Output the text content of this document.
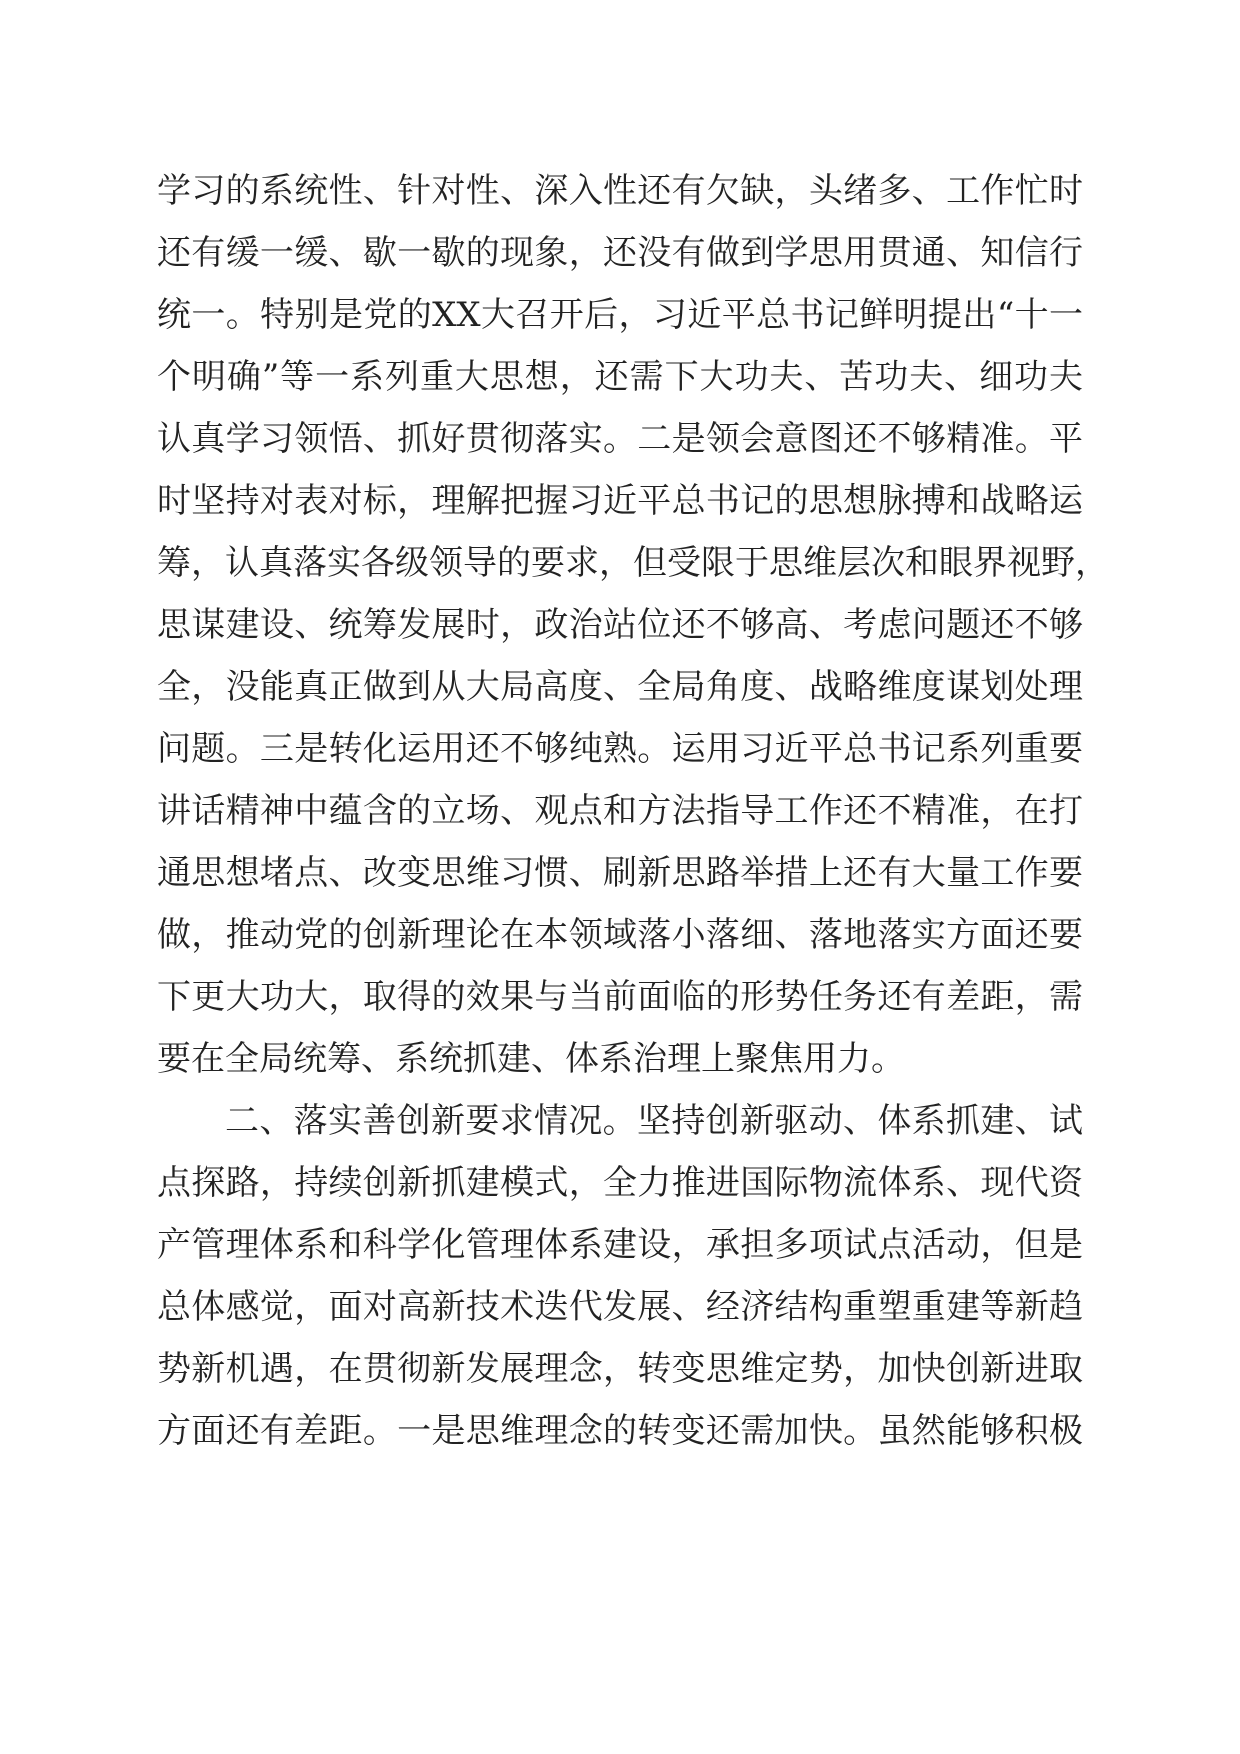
学习的系统性、针对性、深入性还有欠缺，头绪多、工作忙时
还有缓一缓、歇一歇的现象，还没有做到学思用贯通、知信行
统一。特别是党的XX大召开后，习近平总书记鲜明提出“十一
个明确”等一系列重大思想，还需下大功夫、苦功夫、细功夫
认真学习领悟、抓好贯彻落实。二是领会意图还不够精准。平
时坚持对表对标，理解把握习近平总书记的思想脉搏和战略运
筹，认真落实各级领导的要求，但受限于思维层次和眼界视野，
思谋建设、统筹发展时，政治站位还不够高、考虑问题还不够
全，没能真正做到从大局高度、全局角度、战略维度谋划处理
问题。三是转化运用还不够纯熟。运用习近平总书记系列重要
讲话精神中蕴含的立场、观点和方法指导工作还不精准，在打
通思想堵点、改变思维习惯、刷新思路举措上还有大量工作要
做，推动党的创新理论在本领域落小落细、落地落实方面还要
下更大功大，取得的效果与当前面临的形势任务还有差距，需
要在全局统筹、系统抓建、体系治理上聚焦用力。
二、落实善创新要求情况。坚持创新驱动、体系抓建、试
点探路，持续创新抓建模式，全力推进国际物流体系、现代资
产管理体系和科学化管理体系建设，承担多项试点活动，但是
总体感觉，面对高新技术迭代发展、经济结构重塑重建等新趋
势新机遇，在贯彻新发展理念，转变思维定势，加快创新进取
方面还有差距。一是思维理念的转变还需加快。虽然能够积极
